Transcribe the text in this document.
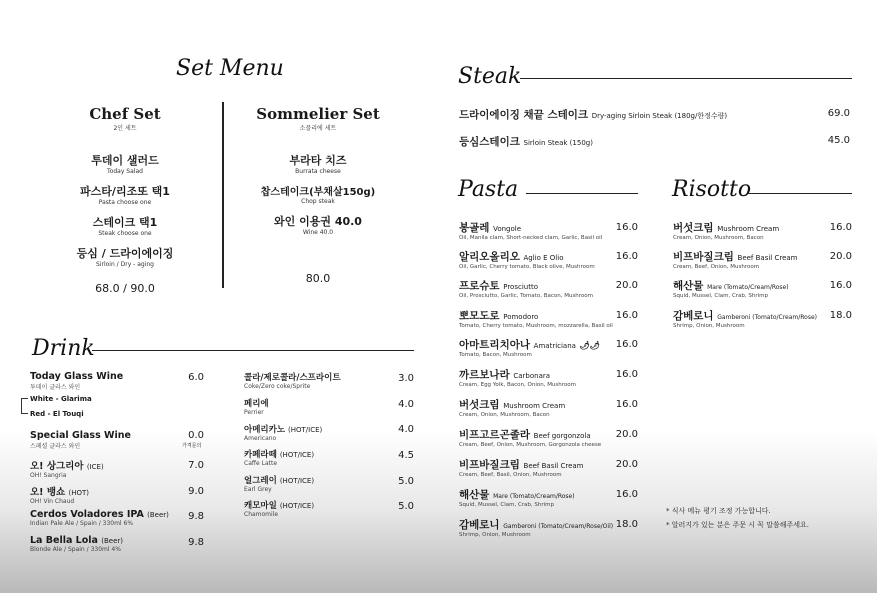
Set Menu
Chef Set
2인 세트
투데이 샐러드
Today Salad
파스타/리조또 택1
Pasta choose one
스테이크 택1
Steak choose one
등심 / 드라이에이징
Sirloin / Dry - aging
68.0 / 90.0
Sommelier Set
소믈리에 세트
부라타 치즈
Burrata cheese
찹스테이크(부채살150g)
Chop steak
와인 이용권 40.0
Wine 40.0
80.0
Drink
Today Glass Wine
투데이 글라스 와인
6.0
White - Glarima
Red - El Touqi
Special Glass Wine
스페셜 글라스 와인
0.0
가격문의
오! 상그리아 (ICE)
OH! Sangria
7.0
오! 뱅쇼 (HOT)
OH! Vin Chaud
9.0
Cerdos Voladores IPA (Beer)
Indian Pale Ale / Spain / 330ml 6%
9.8
La Bella Lola (Beer)
Blonde Ale / Spain / 330ml 4%
9.8
콜라/제로콜라/스프라이트
Coke/Zero coke/Sprite
3.0
페리에
Perrier
4.0
아메리카노 (HOT/ICE)
Americano
4.0
카페라떼 (HOT/ICE)
Caffe Latte
4.5
얼그레이 (HOT/ICE)
Earl Grey
5.0
캐모마일 (HOT/ICE)
Chamomile
5.0
Steak
드라이에이징 채끝 스테이크 Dry-aging Sirloin Steak (180g/한정수량)	69.0
등심스테이크 Sirloin Steak (150g)	45.0
Pasta
봉골레 Vongole
Oil, Manila clam, Short-necked clam, Garlic, Basil oil
16.0
알리오올리오 Aglio E Olio
Oil, Garlic, Cherry tomato, Black olive, Mushroom
16.0
프로슈토 Prosciutto
Oil, Prosciutto, Garlic, Tomato, Bacon, Mushroom
20.0
뽀모도로 Pomodoro
Tomato, Cherry tomato, Mushroom, mozzarella, Basil oil
16.0
아마트리치아나 Amatriciana 🌶🌶
Tomato, Bacon, Mushroom
16.0
까르보나라 Carbonara
Cream, Egg Yolk, Bacon, Onion, Mushroom
16.0
버섯크림 Mushroom Cream
Cream, Onion, Mushroom, Bacon
16.0
비프고르곤졸라 Beef gorgonzola
Cream, Beef, Onion, Mushroom, Gorgonzola cheese
20.0
비프바질크림 Beef Basil Cream
Cream, Beef, Basil, Onion, Mushroom
20.0
해산물 Mare (Tomato/Cream/Rose)
Squid, Mussel, Clam, Crab, Shrimp
16.0
감베로니 Gamberoni (Tomato/Cream/Rose/Oil)
Shrimp, Onion, Mushroom
18.0
Risotto
버섯크림 Mushroom Cream
Cream, Onion, Mushroom, Bacon
16.0
비프바질크림 Beef Basil Cream
Cream, Beef, Onion, Mushroom
20.0
해산물 Mare (Tomato/Cream/Rose)
Squid, Mussel, Clam, Crab, Shrimp
16.0
감베로니 Gamberoni (Tomato/Cream/Rose)
Shrimp, Onion, Mushroom
18.0
* 식사 메뉴 평기 조정 가능합니다.
* 알러지가 있는 분은 주문 시 꼭 말씀해주세요.
